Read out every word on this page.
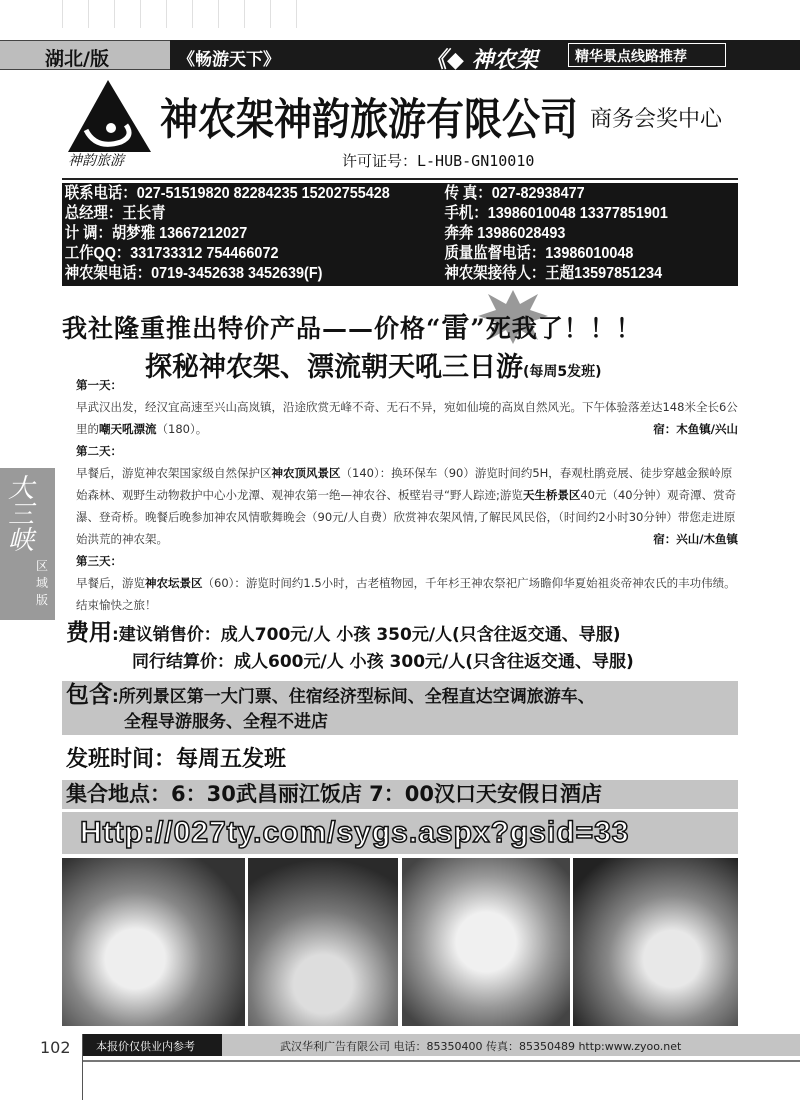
湖北/版	《畅游天下》	《◆ 神农架	精华景点线路推荐
神韵旅游
神农架神韵旅游有限公司 商务会奖中心
许可证号：L-HUB-GN10010
联系电话：027-51519820 82284235 15202755428	传 真：027-82938477
总经理：王长青	手机：13986010048 13377851901
计 调：胡梦雅 13667212027	奔奔 13986028493
工作QQ：331733312 754466072	质量监督电话：13986010048
神农架电话：0719-3452638 3452639(F)	神农架接待人：王超13597851234
我社隆重推出特价产品——价格“雷”死我了！！！
探秘神农架、漂流朝天吼三日游(每周5发班)
第一天：
早武汉出发，经汉宜高速至兴山高岚镇，沿途欣赏无峰不奇、无石不异，宛如仙境的高岚自然风光。下午体验落差达148米全长6公里的嘲天吼漂流（180）。	宿：木鱼镇/兴山
第二天：
早餐后，游览神农架国家级自然保护区神农顶风景区（140）：换环保车（90）游览时间约5H，春观杜鹃竞展、徒步穿越金猴岭原始森林、观野生动物救护中心小龙潭、观神农第一绝—神农谷、板壁岩寻“野人踪迹;游览天生桥景区40元（40分钟）观奇潭、赏奇瀑、登奇桥。晚餐后晚参加神农风情歌舞晚会（90元/人自费）欣赏神农架风情,了解民风民俗，（时间约2小时30分钟）带您走进原始洪荒的神农架。	宿：兴山/木鱼镇
第三天：
早餐后，游览神农坛景区（60）：游览时间约1.5小时，古老植物园，千年杉王神农祭祀广场瞻仰华夏始祖炎帝神农氏的丰功伟绩。结束愉快之旅！
大三峡
区域版
费用:建议销售价：成人700元/人 小孩 350元/人(只含往返交通、导服)
同行结算价：成人600元/人 小孩 300元/人(只含往返交通、导服)
包含:所列景区第一大门票、住宿经济型标间、全程直达空调旅游车、
全程导游服务、全程不进店
发班时间：每周五发班
集合地点：6：30武昌丽江饭店 7：00汉口天安假日酒店
Http://027ty.com/sygs.aspx?gsid=33
102	本报价仅供业内参考	武汉华利广告有限公司 电话：85350400 传真：85350489 http:www.zyoo.net
